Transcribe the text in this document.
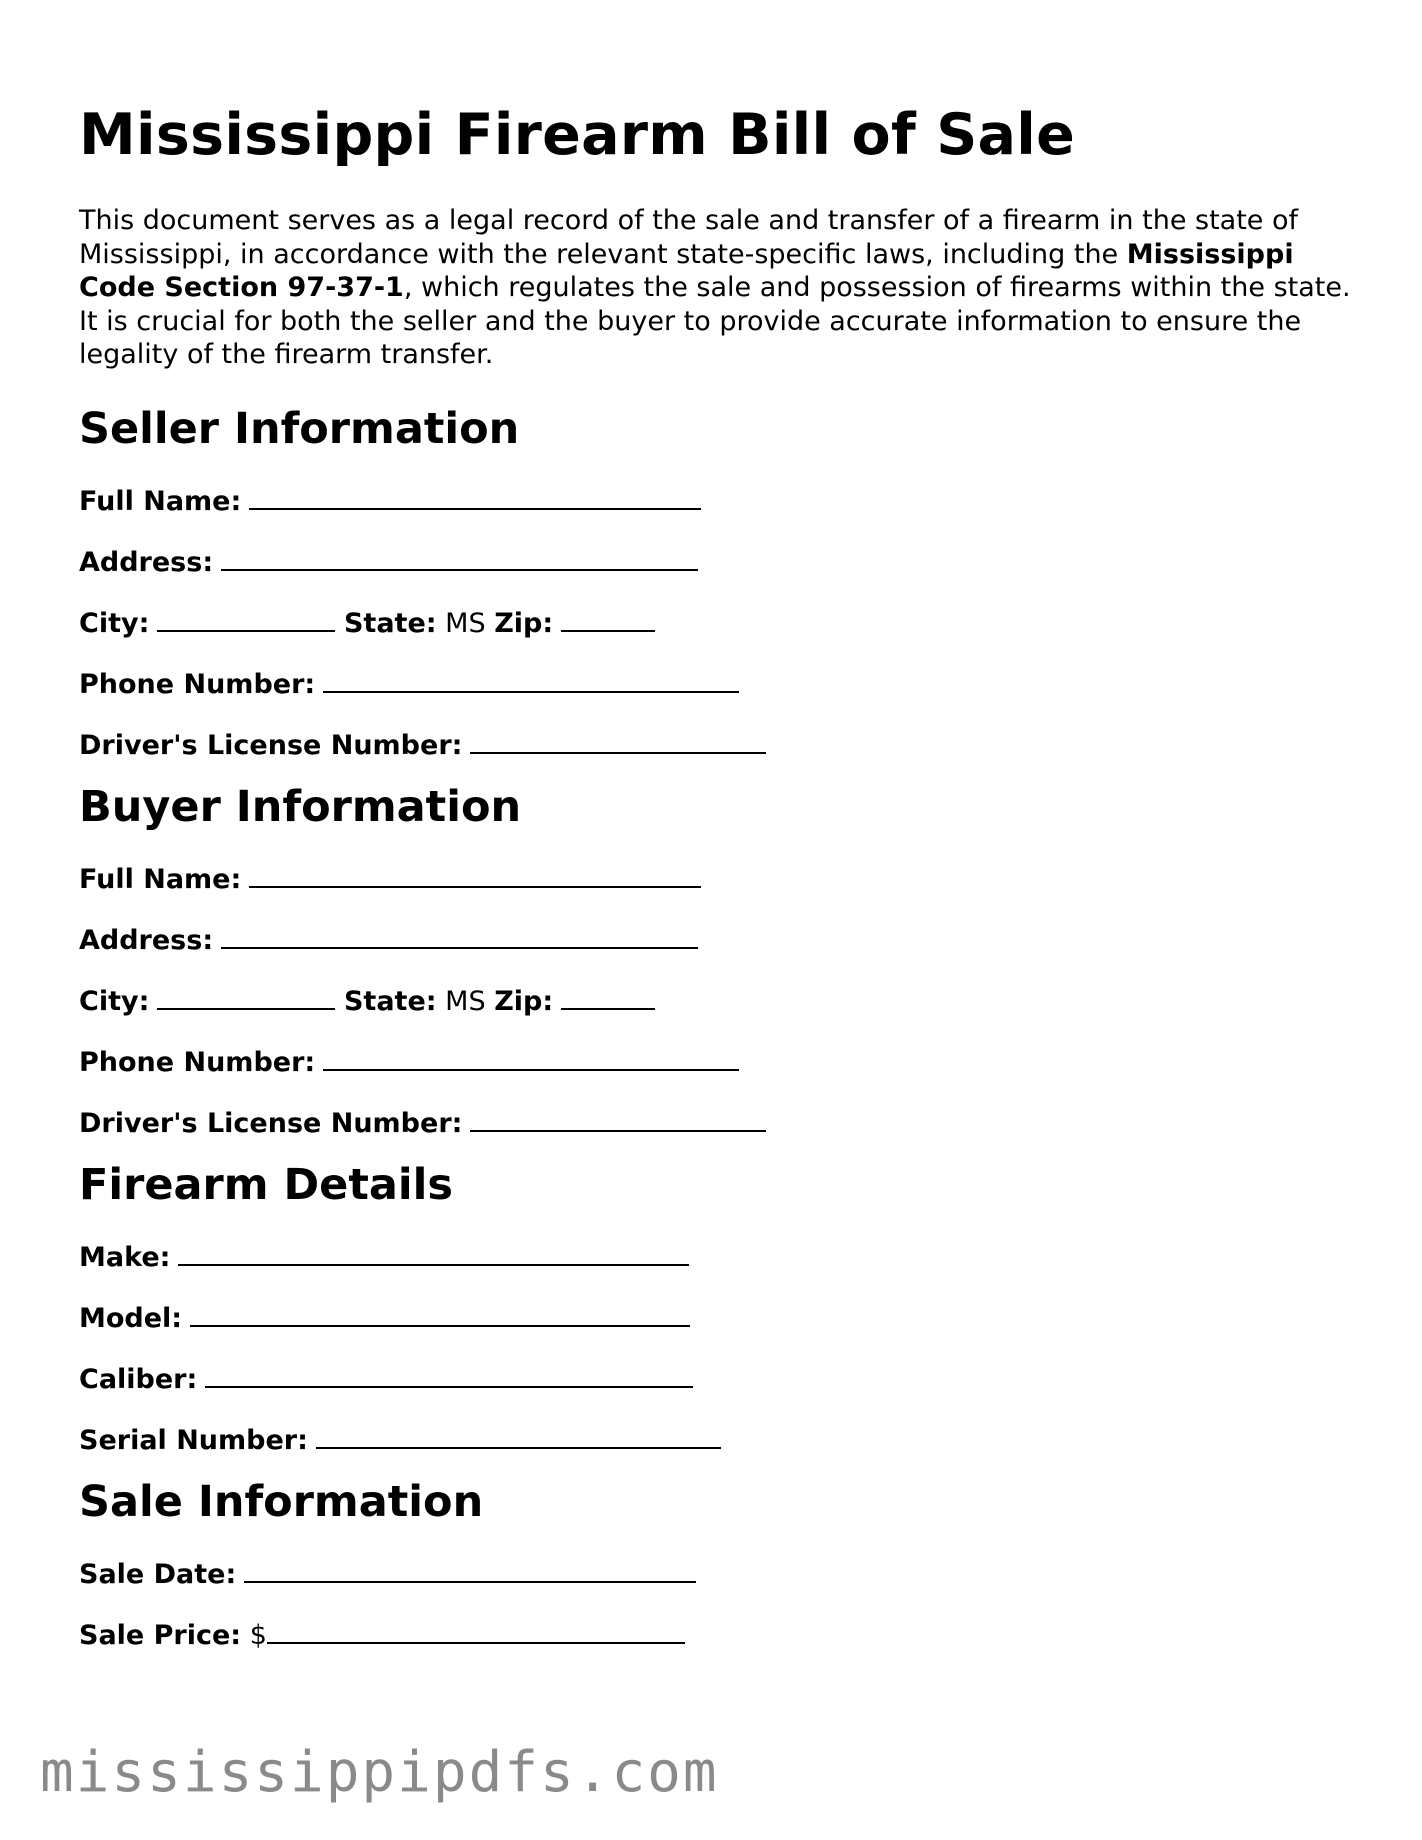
Mississippi Firearm Bill of Sale

This document serves as a legal record of the sale and transfer of a firearm in the state of Mississippi, in accordance with the relevant state-specific laws, including the Mississippi Code Section 97-37-1, which regulates the sale and possession of firearms within the state. It is crucial for both the seller and the buyer to provide accurate information to ensure the legality of the firearm transfer.

Seller Information
Full Name:
Address:
City:	State: MS Zip:
Phone Number:
Driver's License Number:
Buyer Information
Full Name:
Address:
City:	State: MS Zip:
Phone Number:
Driver's License Number:
Firearm Details
Make:
Model:
Caliber:
Serial Number:
Sale Information
Sale Date:
Sale Price: $
mississippipdfs.com
